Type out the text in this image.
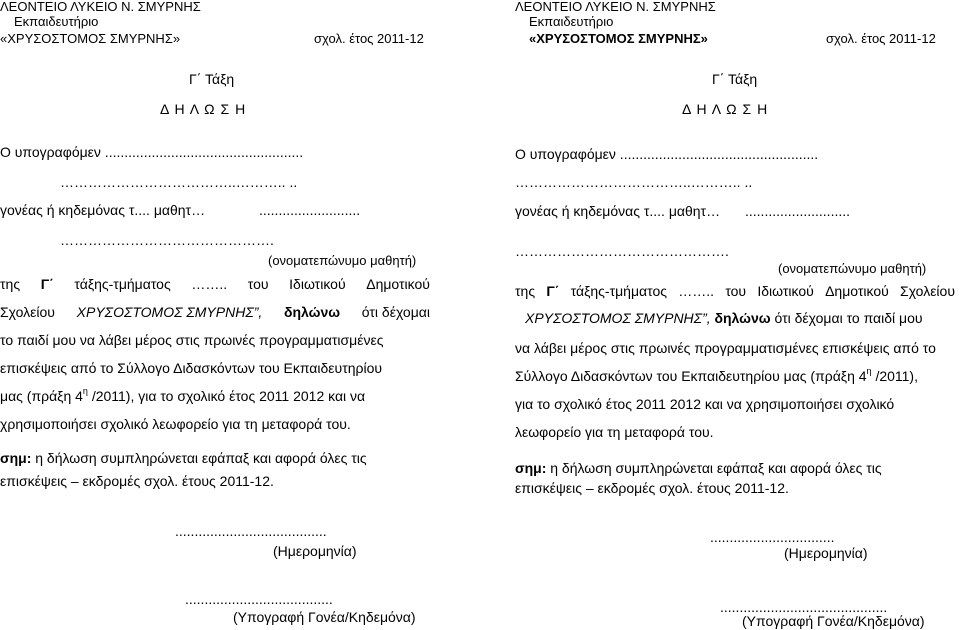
ΛΕΟΝΤΕΙΟ ΛΥΚΕΙΟ Ν. ΣΜΥΡΝΗΣ
Εκπαιδευτήριο
«ΧΡΥΣΟΣΤΟΜΟΣ ΣΜΥΡΝΗΣ»	σχολ. έτος 2011-12
Γ΄ Τάξη
Δ Η Λ Ω Σ Η
Ο υπογραφόμεν ...................................................
………………………………..……….. ..
γονέας ή κηδεμόνας τ.... μαθητ…	..........................
……………………………………….
(ονοματεπώνυμο μαθητή)
της Γ΄ τάξης-τμήματος …….. του Ιδιωτικού Δημοτικού
Σχολείου ΧΡΥΣΟΣΤΟΜΟΣ ΣΜΥΡΝΗΣ”, δηλώνω ότι δέχομαι
το παιδί μου να λάβει μέρος στις πρωινές προγραμματισμένες
επισκέψεις από το Σύλλογο Διδασκόντων του Εκπαιδευτηρίου
μας (πράξη $4^\eta$ /2011), για το σχολικό έτος 2011 2012 και να
χρησιμοποιήσει σχολικό λεωφορείο για τη μεταφορά του.
σημ: η δήλωση συμπληρώνεται εφάπαξ και αφορά όλες τις
επισκέψεις – εκδρομές σχολ. έτους 2011-12.
.......................................
(Ημερομηνία)
......................................
(Υπογραφή Γονέα/Κηδεμόνα)
ΛΕΟΝΤΕΙΟ ΛΥΚΕΙΟ Ν. ΣΜΥΡΝΗΣ
Εκπαιδευτήριο
«ΧΡΥΣΟΣΤΟΜΟΣ ΣΜΥΡΝΗΣ»	σχολ. έτος 2011-12
Γ΄ Τάξη
Δ Η Λ Ω Σ Η
Ο υπογραφόμεν ...................................................
………………………………..……….. ..
γονέας ή κηδεμόνας τ.... μαθητ… ...........................
……………………………………….
(ονοματεπώνυμο μαθητή)
της Γ΄ τάξης-τμήματος …….. του Ιδιωτικού Δημοτικού Σχολείου
ΧΡΥΣΟΣΤΟΜΟΣ ΣΜΥΡΝΗΣ”, δηλώνω ότι δέχομαι το παιδί μου
να λάβει μέρος στις πρωινές προγραμματισμένες επισκέψεις από το
Σύλλογο Διδασκόντων του Εκπαιδευτηρίου μας (πράξη $4^\eta$ /2011),
για το σχολικό έτος 2011 2012 και να χρησιμοποιήσει σχολικό
λεωφορείο για τη μεταφορά του.
σημ: η δήλωση συμπληρώνεται εφάπαξ και αφορά όλες τις
επισκέψεις – εκδρομές σχολ. έτους 2011-12.
................................
(Ημερομηνία)
...........................................
(Υπογραφή Γονέα/Κηδεμόνα)
